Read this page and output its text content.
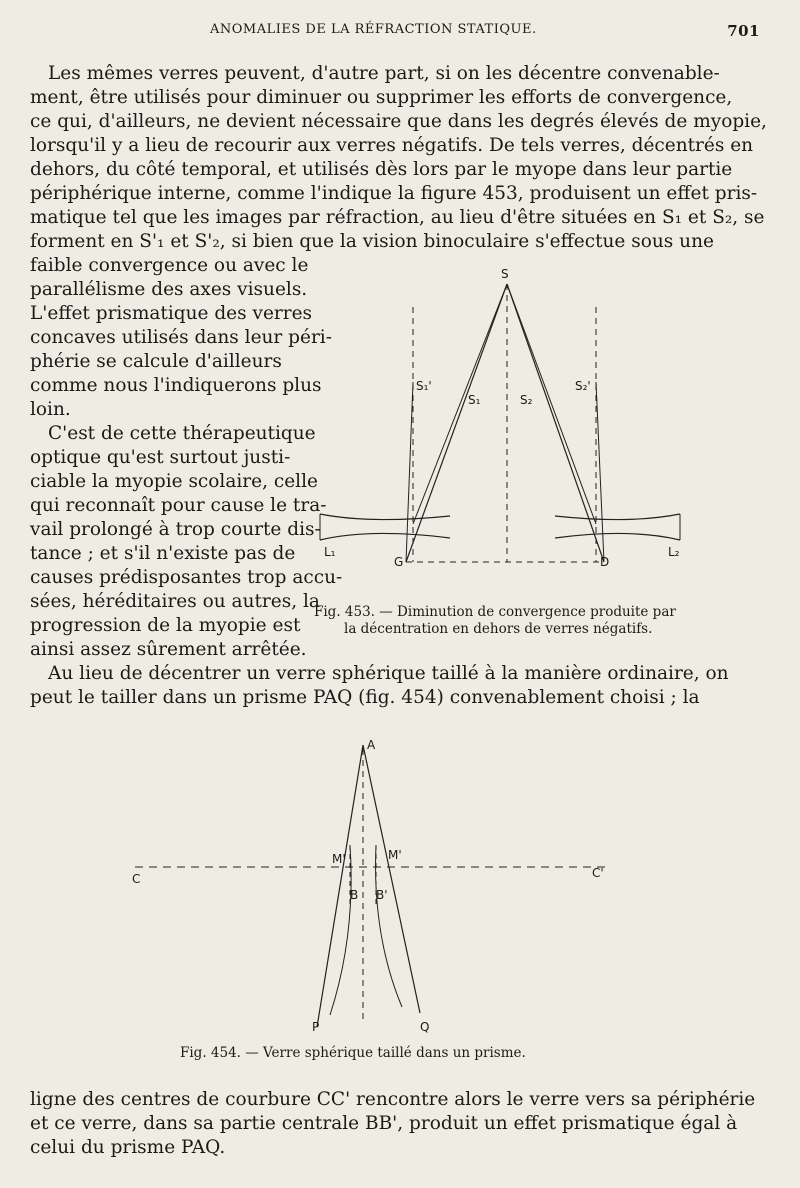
ANOMALIES DE LA RÉFRACTION STATIQUE.	701
Les mêmes verres peuvent, d'autre part, si on les décentre convenable-
ment, être utilisés pour diminuer ou supprimer les efforts de convergence,
ce qui, d'ailleurs, ne devient nécessaire que dans les degrés élevés de myopie,
lorsqu'il y a lieu de recourir aux verres négatifs. De tels verres, décentrés en
dehors, du côté temporal, et utilisés dès lors par le myope dans leur partie
périphérique interne, comme l'indique la figure 453, produisent un effet pris-
matique tel que les images par réfraction, au lieu d'être situées en S₁ et S₂, se
forment en S'₁ et S'₂, si bien que la vision binoculaire s'effectue sous une
faible convergence ou avec le
parallélisme des axes visuels.
L'effet prismatique des verres
concaves utilisés dans leur péri-
phérie se calcule d'ailleurs
comme nous l'indiquerons plus
loin.
C'est de cette thérapeutique
optique qu'est surtout justi-
ciable la myopie scolaire, celle
qui reconnaît pour cause le tra-
vail prolongé à trop courte dis-
tance ; et s'il n'existe pas de
causes prédisposantes trop accu-
sées, héréditaires ou autres, la
progression de la myopie est
ainsi assez sûrement arrêtée.
S
S₁'
S₁	S₂
S₂'
L₁	L₂
G	D
Fig. 453. — Diminution de convergence produite par
la décentration en dehors de verres négatifs.
Au lieu de décentrer un verre sphérique taillé à la manière ordinaire, on
peut le tailler dans un prisme PAQ (fig. 454) convenablement choisi ; la
A
M'	M'
B B'
C	C'
P	Q
Fig. 454. — Verre sphérique taillé dans un prisme.
ligne des centres de courbure CC' rencontre alors le verre vers sa périphérie
et ce verre, dans sa partie centrale BB', produit un effet prismatique égal à
celui du prisme PAQ.
